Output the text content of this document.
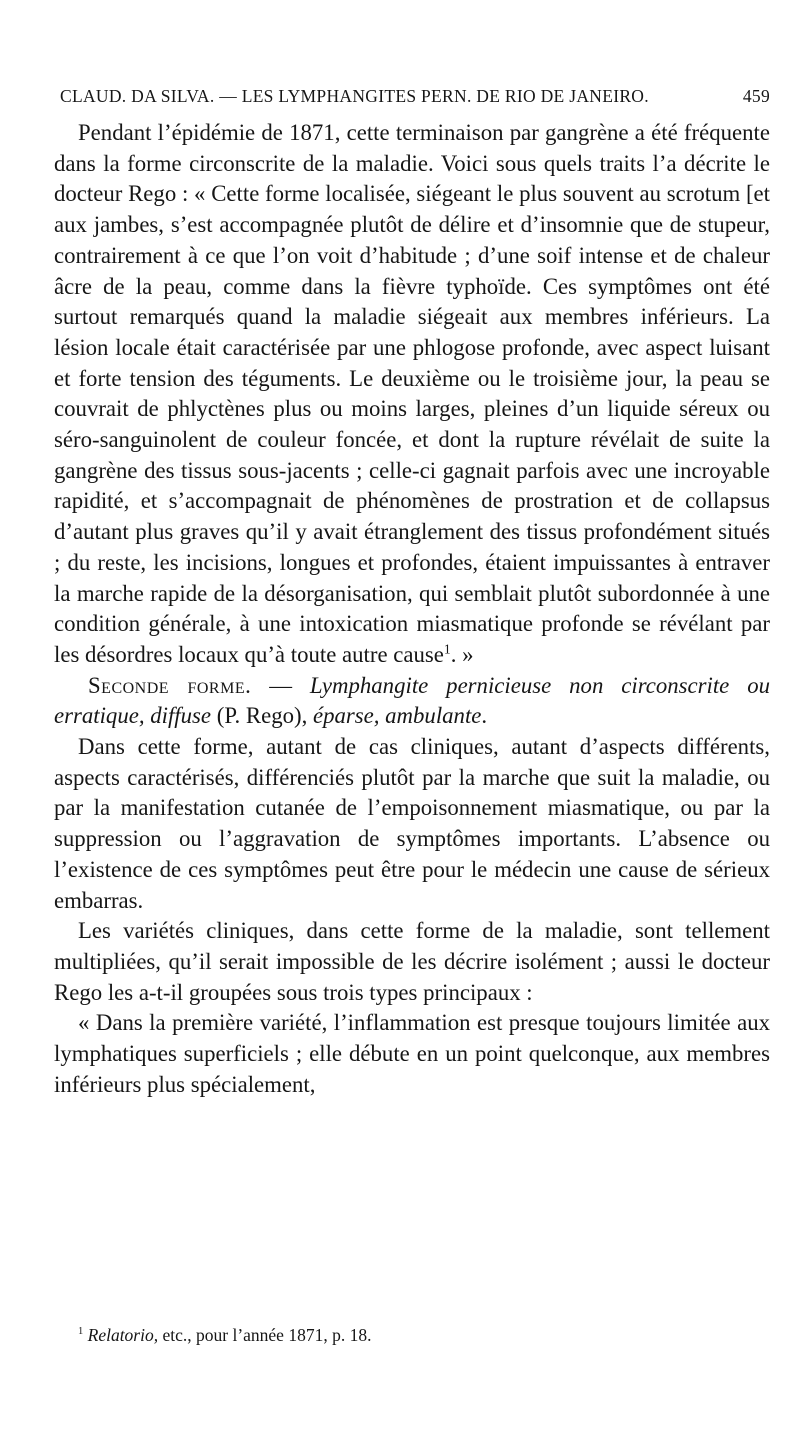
CLAUD. DA SILVA. — LES LYMPHANGITES PERN. DE RIO DE JANEIRO.	459

Pendant l’épidémie de 1871, cette terminaison par gangrène a été fréquente dans la forme circonscrite de la maladie. Voici sous quels traits l’a décrite le docteur Rego : « Cette forme localisée, siégeant le plus souvent au scrotum [et aux jambes, s’est accompagnée plutôt de délire et d’insomnie que de stupeur, contrairement à ce que l’on voit d’habitude ; d’une soif intense et de chaleur âcre de la peau, comme dans la fièvre typhoïde. Ces symptômes ont été surtout remarqués quand la maladie siégeait aux membres inférieurs. La lésion locale était caractérisée par une phlogose profonde, avec aspect luisant et forte tension des téguments. Le deuxième ou le troisième jour, la peau se couvrait de phlyctènes plus ou moins larges, pleines d’un liquide séreux ou séro-sanguinolent de couleur foncée, et dont la rupture révélait de suite la gangrène des tissus sous-jacents ; celle-ci gagnait parfois avec une incroyable rapidité, et s’accompagnait de phénomènes de prostration et de collapsus d’autant plus graves qu’il y avait étranglement des tissus profondément situés ; du reste, les incisions, longues et profondes, étaient impuissantes à entraver la marche rapide de la désorganisation, qui semblait plutôt subordonnée à une condition générale, à une intoxication miasmatique profonde se révélant par les désordres locaux qu’à toute autre cause$^1$. »

Seconde forme. — Lymphangite pernicieuse non circonscrite ou erratique, diffuse (P. Rego), éparse, ambulante.

Dans cette forme, autant de cas cliniques, autant d’aspects différents, aspects caractérisés, différenciés plutôt par la marche que suit la maladie, ou par la manifestation cutanée de l’empoisonnement miasmatique, ou par la suppression ou l’aggravation de symptômes importants. L’absence ou l’existence de ces symptômes peut être pour le médecin une cause de sérieux embarras.

Les variétés cliniques, dans cette forme de la maladie, sont tellement multipliées, qu’il serait impossible de les décrire isolément ; aussi le docteur Rego les a-t-il groupées sous trois types principaux :

« Dans la première variété, l’inflammation est presque toujours limitée aux lymphatiques superficiels ; elle débute en un point quelconque, aux membres inférieurs plus spécialement,

$^1$ Relatorio, etc., pour l’année 1871, p. 18.
